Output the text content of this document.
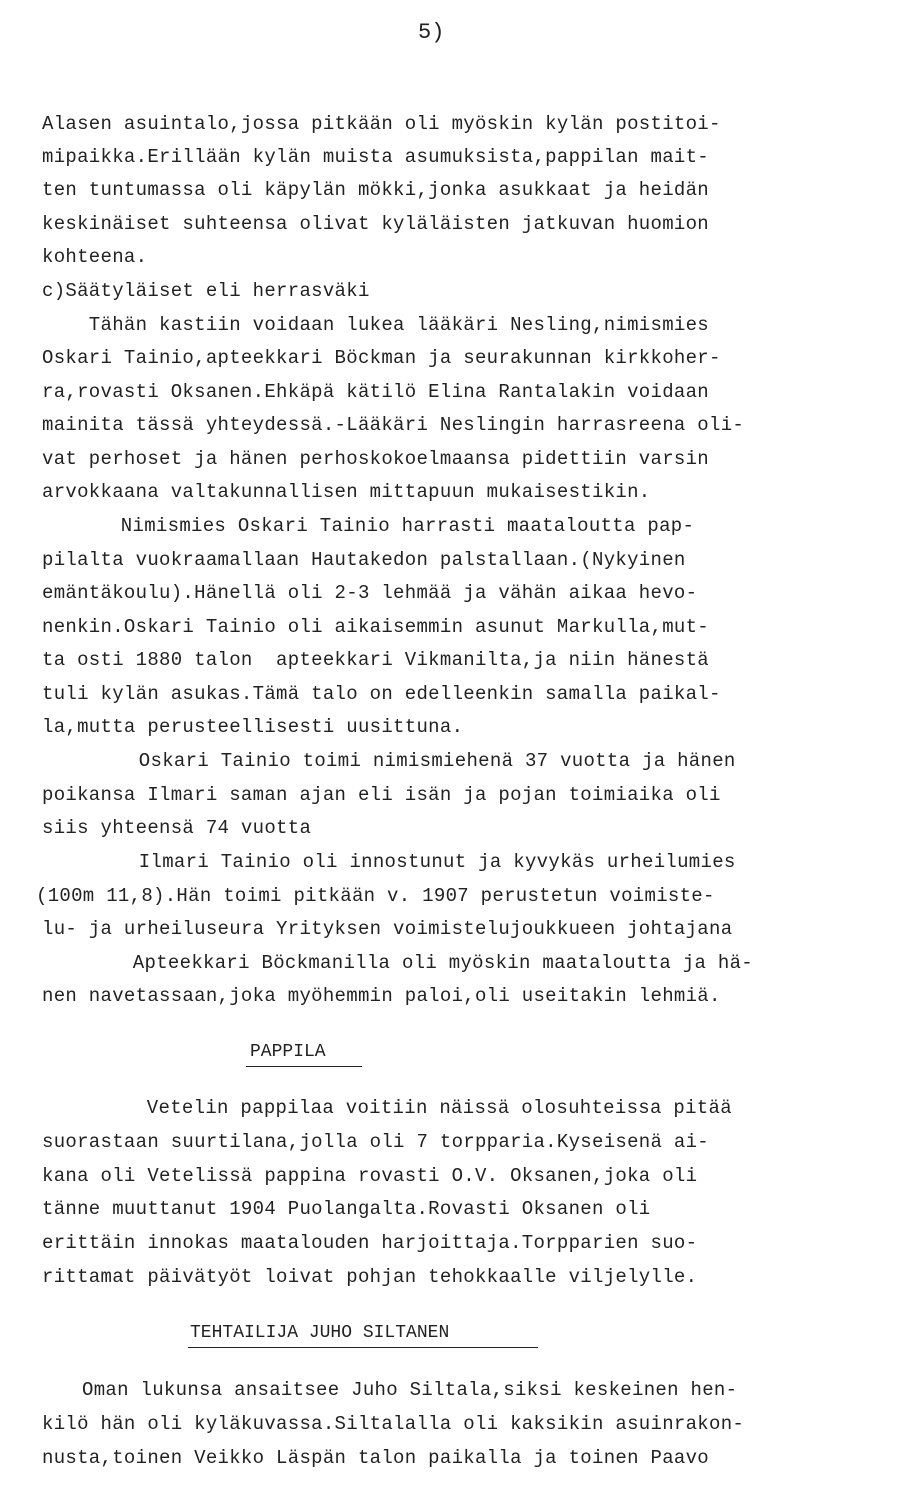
5)
Alasen asuintalo,jossa pitkään oli myöskin kylän postitoi-
mipaikka.Erillään kylän muista asumuksista,pappilan mait-
ten tuntumassa oli käpylän mökki,jonka asukkaat ja heidän
keskinäiset suhteensa olivat kyläläisten jatkuvan huomion
kohteena.
c)Säätyläiset eli herrasväki
Tähän kastiin voidaan lukea lääkäri Nesling,nimismies
Oskari Tainio,apteekkari Böckman ja seurakunnan kirkkoher-
ra,rovasti Oksanen.Ehkäpä kätilö Elina Rantalakin voidaan
mainita tässä yhteydessä.-Lääkäri Neslingin harrasreena oli-
vat perhoset ja hänen perhoskokoelmaansa pidettiin varsin
arvokkaana valtakunnallisen mittapuun mukaisestikin.
Nimismies Oskari Tainio harrasti maataloutta pap-
pilalta vuokraamallaan Hautakedon palstallaan.(Nykyinen
emäntäkoulu).Hänellä oli 2-3 lehmää ja vähän aikaa hevo-
nenkin.Oskari Tainio oli aikaisemmin asunut Markulla,mut-
ta osti 1880 talon  apteekkari Vikmanilta,ja niin hänestä
tuli kylän asukas.Tämä talo on edelleenkin samalla paikal-
la,mutta perusteellisesti uusittuna.
Oskari Tainio toimi nimismiehenä 37 vuotta ja hänen
poikansa Ilmari saman ajan eli isän ja pojan toimiaika oli
siis yhteensä 74 vuotta
Ilmari Tainio oli innostunut ja kyvykäs urheilumies
(100m 11,8).Hän toimi pitkään v. 1907 perustetun voimiste-
lu- ja urheiluseura Yrityksen voimistelujoukkueen johtajana
Apteekkari Böckmanilla oli myöskin maataloutta ja hä-
nen navetassaan,joka myöhemmin paloi,oli useitakin lehmiä.
PAPPILA
Vetelin pappilaa voitiin näissä olosuhteissa pitää
suorastaan suurtilana,jolla oli 7 torpparia.Kyseisenä ai-
kana oli Vetelissä pappina rovasti O.V. Oksanen,joka oli
tänne muuttanut 1904 Puolangalta.Rovasti Oksanen oli
erittäin innokas maatalouden harjoittaja.Torpparien suo-
rittamat päivätyöt loivat pohjan tehokkaalle viljelylle.
TEHTAILIJA JUHO SILTANEN
Oman lukunsa ansaitsee Juho Siltala,siksi keskeinen hen-
kilö hän oli kyläkuvassa.Siltalalla oli kaksikin asuinrakon-
nusta,toinen Veikko Läspän talon paikalla ja toinen Paavo
